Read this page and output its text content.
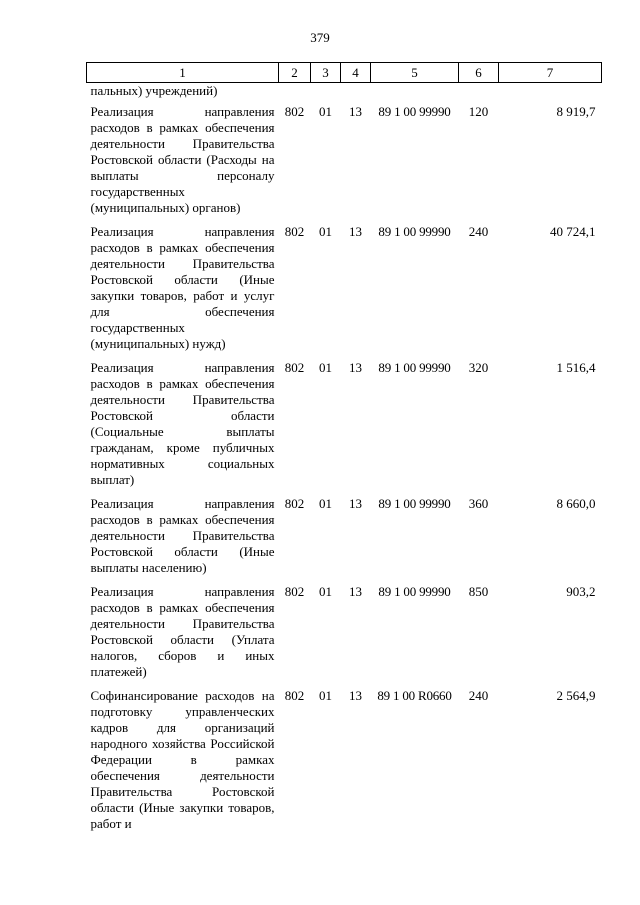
379
1	2	3	4	5	6	7
пальных) учреждений)						
Реализация направления расходов в рамках обеспечения деятельности Правительства Ростовской области (Расходы на выплаты персоналу государственных (муниципальных) органов)	802	01	13	89 1 00 99990	120	8 919,7
Реализация направления расходов в рамках обеспечения деятельности Правительства Ростовской области (Иные закупки товаров, работ и услуг для обеспечения государственных (муниципальных) нужд)	802	01	13	89 1 00 99990	240	40 724,1
Реализация направления расходов в рамках обеспечения деятельности Правительства Ростовской области (Социальные выплаты гражданам, кроме публичных нормативных социальных выплат)	802	01	13	89 1 00 99990	320	1 516,4
Реализация направления расходов в рамках обеспечения деятельности Правительства Ростовской области (Иные выплаты населению)	802	01	13	89 1 00 99990	360	8 660,0
Реализация направления расходов в рамках обеспечения деятельности Правительства Ростовской области (Уплата налогов, сборов и иных платежей)	802	01	13	89 1 00 99990	850	903,2
Софинансирование расходов на подготовку управленческих кадров для организаций народного хозяйства Российской Федерации в рамках обеспечения деятельности Правительства Ростовской области (Иные закупки товаров, работ и	802	01	13	89 1 00 R0660	240	2 564,9
